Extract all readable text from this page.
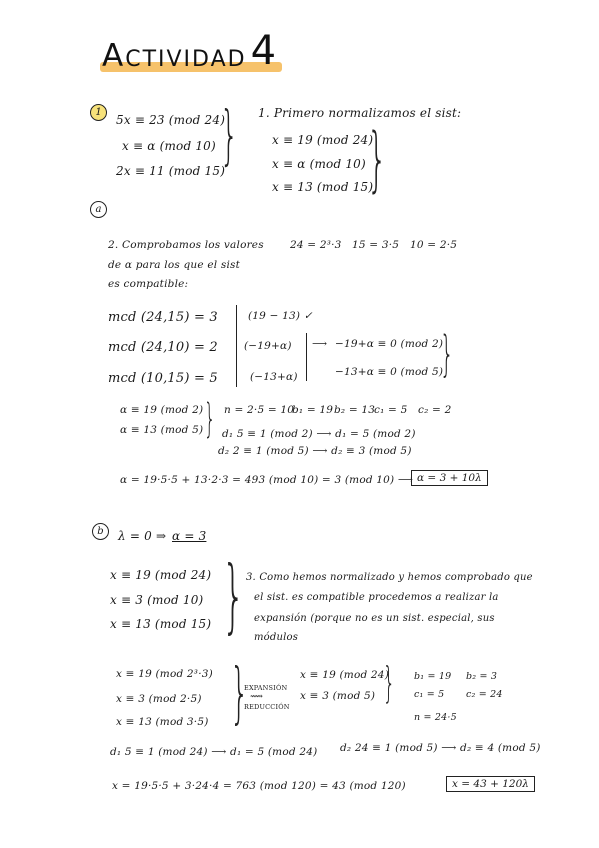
Actividad 4
1
5x ≡ 23 (mod 24)
x ≡ α (mod 10)
2x ≡ 11 (mod 15)
} 1. Primero normalizamos el sist:
x ≡ 19 (mod 24)
x ≡ α (mod 10)
x ≡ 13 (mod 15)
}
a
2. Comprobamos los valores
de α para los que el sist
es compatible:
24 = 2³·3 15 = 3·5 10 = 2·5
mcd (24,15) = 3
mcd (24,10) = 2
mcd (10,15) = 5
(19 − 13) ✓
(−19+α)
(−13+α)
⟶ −19+α ≡ 0 (mod 2)
−13+α ≡ 0 (mod 5)
}
α ≡ 19 (mod 2)
α ≡ 13 (mod 5) } n = 2·5 = 10
b₁ = 19 b₂ = 13
c₁ = 5 c₂ = 2
d₁ 5 ≡ 1 (mod 2) ⟶ d₁ = 5 (mod 2)
d₂ 2 ≡ 1 (mod 5) ⟶ d₂ ≡ 3 (mod 5)
α = 19·5·5 + 13·2·3 = 493 (mod 10) = 3 (mod 10) ⟶ α = 3 + 10λ
b	λ = 0 ⇒ α = 3
x ≡ 19 (mod 24)
x ≡ 3 (mod 10)
x ≡ 13 (mod 15) } 3. Como hemos normalizado y hemos comprobado que
el sist. es compatible procedemos a realizar la
expansión (porque no es un sist. especial, sus
módulos
x ≡ 19 (mod 2³·3)
x ≡ 3 (mod 2·5)
x ≡ 13 (mod 3·5) }
EXPANSIÓN
⟿
REDUCCIÓN
x ≡ 19 (mod 24)
x ≡ 3 (mod 5) } b₁ = 19 b₂ = 3
c₁ = 5 c₂ = 24
n = 24·5
d₁ 5 ≡ 1 (mod 24) ⟶ d₁ = 5 (mod 24) d₂ 24 ≡ 1 (mod 5) ⟶ d₂ ≡ 4 (mod 5)
x = 19·5·5 + 3·24·4 = 763 (mod 120) = 43 (mod 120)	x = 43 + 120λ
